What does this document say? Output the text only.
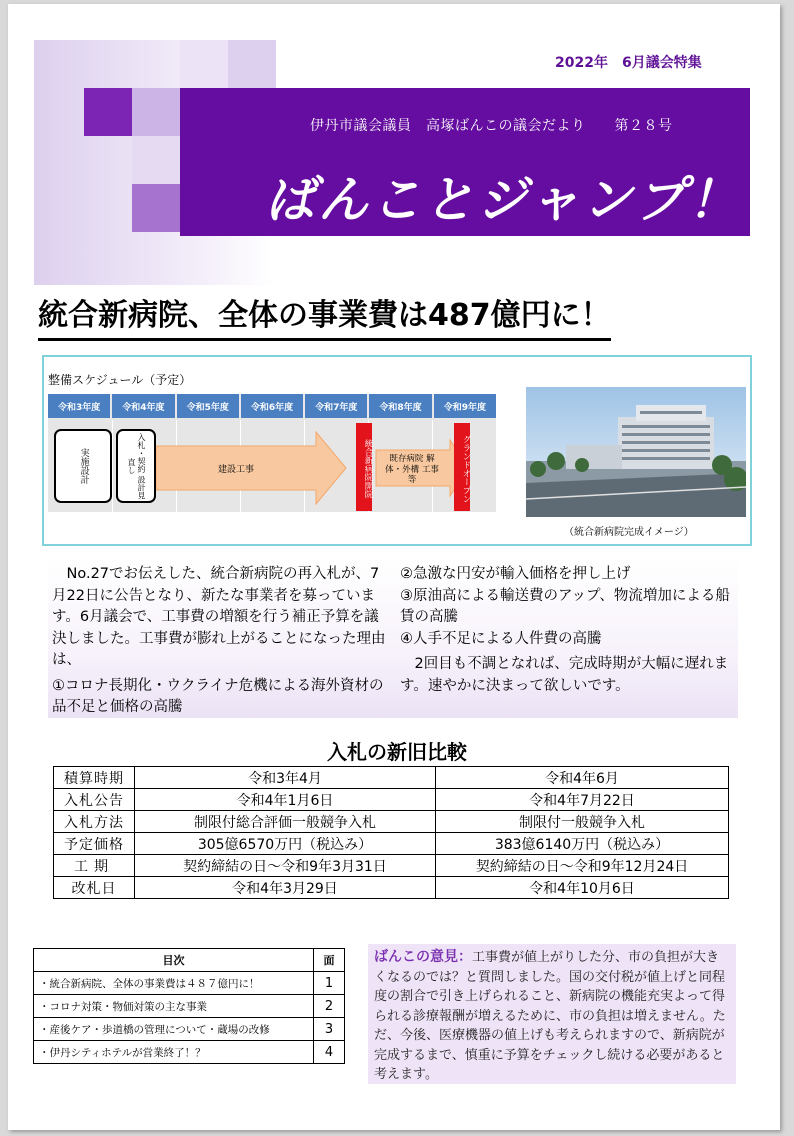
2022年　6月議会特集
伊丹市議会議員　高塚ばんこの議会だより　　第２８号
ばんことジャンプ！
統合新病院、全体の事業費は487億円に！
整備スケジュール（予定）
令和3年度	令和4年度	令和5年度	令和6年度	令和7年度	令和8年度	令和9年度
実施設計	入札・契約 設計見直し	建設工事	統合新病院開院	既存病院 解体・外構 工事等	グランドオープン
（統合新病院完成イメージ）
No.27でお伝えした、統合新病院の再入札が、7月22日に公告となり、新たな事業者を募っています。6月議会で、工事費の増額を行う補正予算を議決しました。工事費が膨れ上がることになった理由は、
①コロナ長期化・ウクライナ危機による海外資材の品不足と価格の高騰
②急激な円安が輸入価格を押し上げ
③原油高による輸送費のアップ、物流増加による船賃の高騰
④人手不足による人件費の高騰
2回目も不調となれば、完成時期が大幅に遅れます。速やかに決まって欲しいです。
入札の新旧比較
積算時期	令和3年4月	令和4年6月
入札公告	令和4年1月6日	令和4年7月22日
入札方法	制限付総合評価一般競争入札	制限付一般競争入札
予定価格	305億6570万円（税込み）	383億6140万円（税込み）
工期	契約締結の日～令和9年3月31日	契約締結の日～令和9年12月24日
改札日	令和4年3月29日	令和4年10月6日
目次	面
・統合新病院、全体の事業費は４８７億円に！	1
・コロナ対策・物価対策の主な事業	2
・産後ケア・歩道橋の管理について・蔵場の改修	3
・伊丹シティホテルが営業終了！？	4
ばんこの意見：工事費が値上がりした分、市の負担が大きくなるのでは？と質問しました。国の交付税が値上げと同程度の割合で引き上げられること、新病院の機能充実よって得られる診療報酬が増えるために、市の負担は増えません。ただ、今後、医療機器の値上げも考えられますので、新病院が完成するまで、慎重に予算をチェックし続ける必要があると考えます。
